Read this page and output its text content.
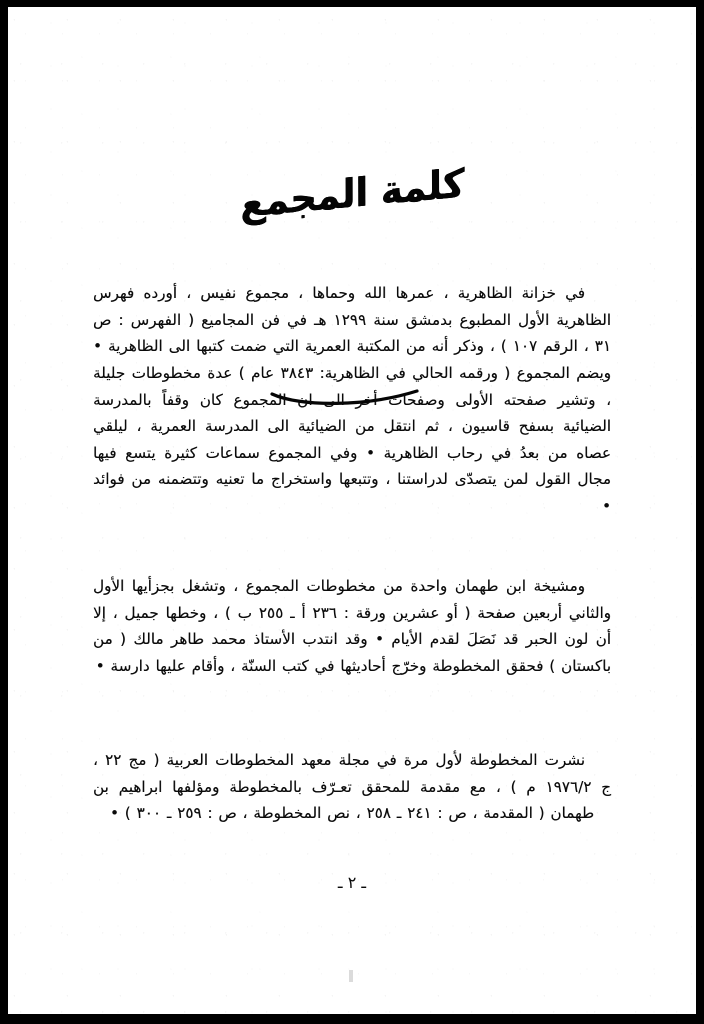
كلمة المجمع

في خزانة الظاهرية ، عمرها الله وحماها ، مجموع نفيس ، أورده فهرس الظاهرية الأول المطبوع بدمشق سنة ١٢٩٩ هـ في فن المجاميع ( الفهرس : ص ٣١ ، الرقم ١٠٧ ) ، وذكر أنه من المكتبة العمرية التي ضمت كتبها الى الظاهرية • ويضم المجموع ( ورقمه الحالي في الظاهرية: ٣٨٤٣ عام ) عدة مخطوطات جليلة ، وتشير صفحته الأولى وصفحات أخر الى ان المجموع كان وقفاً بالمدرسة الضيائية بسفح قاسيون ، ثم انتقل من الضيائية الى المدرسة العمرية ، ليلقي عصاه من بعدُ في رحاب الظاهرية • وفي المجموع سماعات كثيرة يتسع فيها مجال القول لمن يتصدّى لدراستنا ، وتتبعها واستخراج ما تعنيه وتتضمنه من فوائد •

ومشيخة ابن طهمان واحدة من مخطوطات المجموع ، وتشغل بجزأيها الأول والثاني أربعين صفحة ( أو عشرين ورقة : ٢٣٦ أ ـ ٢٥٥ ب ) ، وخطها جميل ، إلا أن لون الحبر قد نَصَلَ لقدم الأيام • وقد انتدب الأستاذ محمد طاهر مالك ( من باكستان ) فحقق المخطوطة وخرّج أحاديثها في كتب السنّة ، وأقام عليها دارسة •

نشرت المخطوطة لأول مرة في مجلة معهد المخطوطات العربية ( مج ٢٢ ، ج ١٩٧٦/٢ م ) ، مع مقدمة للمحقق تعـرّف بالمخطوطة ومؤلفها ابراهيم بن طهمان ( المقدمة ، ص : ٢٤١ ـ ٢٥٨ ، نص المخطوطة ، ص : ٢٥٩ ـ ٣٠٠ ) •

ـ ٢ ـ
